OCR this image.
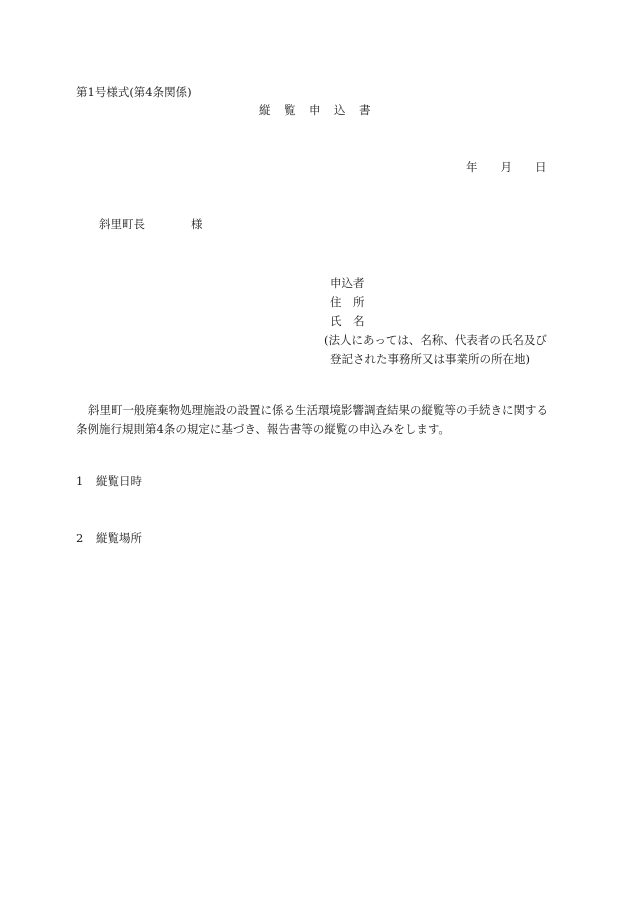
第1号様式(第4条関係)
縦　覧　申　込　書
年　　月　　日
斜里町長　　　　様
申込者
住　所
氏　名
(法人にあっては、名称、代表者の氏名及び
登記された事務所又は事業所の所在地)
斜里町一般廃棄物処理施設の設置に係る生活環境影響調査結果の縦覧等の手続きに関する条例施行規則第4条の規定に基づき、報告書等の縦覧の申込みをします。
1 縦覧日時
2 縦覧場所
